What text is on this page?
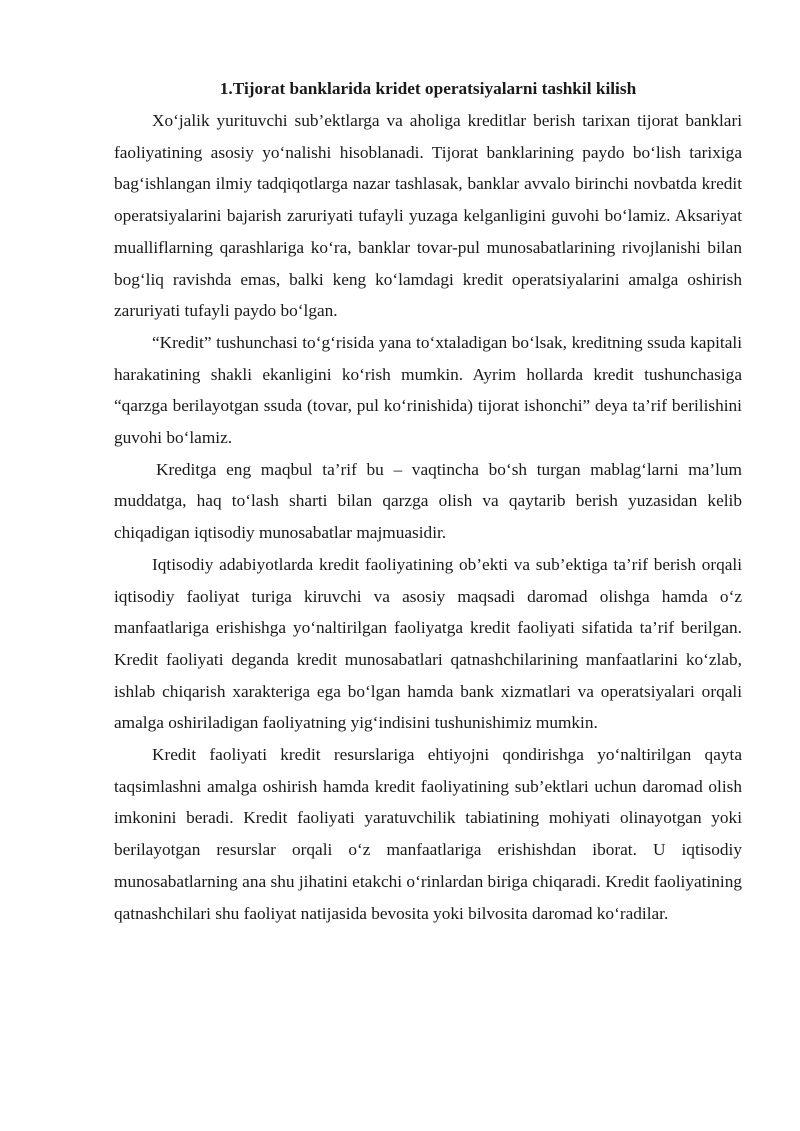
1.Tijorat banklarida kridet operatsiyalarni tashkil kilish

Xo‘jalik yurituvchi sub’ektlarga va aholiga kreditlar berish tarixan tijorat banklari faoliyatining asosiy yo‘nalishi hisoblanadi. Tijorat banklarining paydo bo‘lish tarixiga bag‘ishlangan ilmiy tadqiqotlarga nazar tashlasak, banklar avvalo birinchi novbatda kredit operatsiyalarini bajarish zaruriyati tufayli yuzaga kelganligini guvohi bo‘lamiz. Aksariyat mualliflarning qarashlariga ko‘ra, banklar tovar-pul munosabatlarining rivojlanishi bilan bog‘liq ravishda emas, balki keng ko‘lamdagi kredit operatsiyalarini amalga oshirish zaruriyati tufayli paydo bo‘lgan.

“Kredit” tushunchasi to‘g‘risida yana to‘xtaladigan bo‘lsak, kreditning ssuda kapitali harakatining shakli ekanligini ko‘rish mumkin. Ayrim hollarda kredit tushunchasiga “qarzga berilayotgan ssuda (tovar, pul ko‘rinishida) tijorat ishonchi” deya ta’rif berilishini guvohi bo‘lamiz.

Kreditga eng maqbul ta’rif bu – vaqtincha bo‘sh turgan mablag‘larni ma’lum muddatga, haq to‘lash sharti bilan qarzga olish va qaytarib berish yuzasidan kelib chiqadigan iqtisodiy munosabatlar majmuasidir.

Iqtisodiy adabiyotlarda kredit faoliyatining ob’ekti va sub’ektiga ta’rif berish orqali iqtisodiy faoliyat turiga kiruvchi va asosiy maqsadi daromad olishga hamda o‘z manfaatlariga erishishga yo‘naltirilgan faoliyatga kredit faoliyati sifatida ta’rif berilgan. Kredit faoliyati deganda kredit munosabatlari qatnashchilarining manfaatlarini ko‘zlab, ishlab chiqarish xarakteriga ega bo‘lgan hamda bank xizmatlari va operatsiyalari orqali amalga oshiriladigan faoliyatning yig‘indisini tushunishimiz mumkin.

Kredit faoliyati kredit resurslariga ehtiyojni qondirishga yo‘naltirilgan qayta taqsimlashni amalga oshirish hamda kredit faoliyatining sub’ektlari uchun daromad olish imkonini beradi. Kredit faoliyati yaratuvchilik tabiatining mohiyati olinayotgan yoki berilayotgan resurslar orqali o‘z manfaatlariga erishishdan iborat. U iqtisodiy munosabatlarning ana shu jihatini etakchi o‘rinlardan biriga chiqaradi. Kredit faoliyatining qatnashchilari shu faoliyat natijasida bevosita yoki bilvosita daromad ko‘radilar.
